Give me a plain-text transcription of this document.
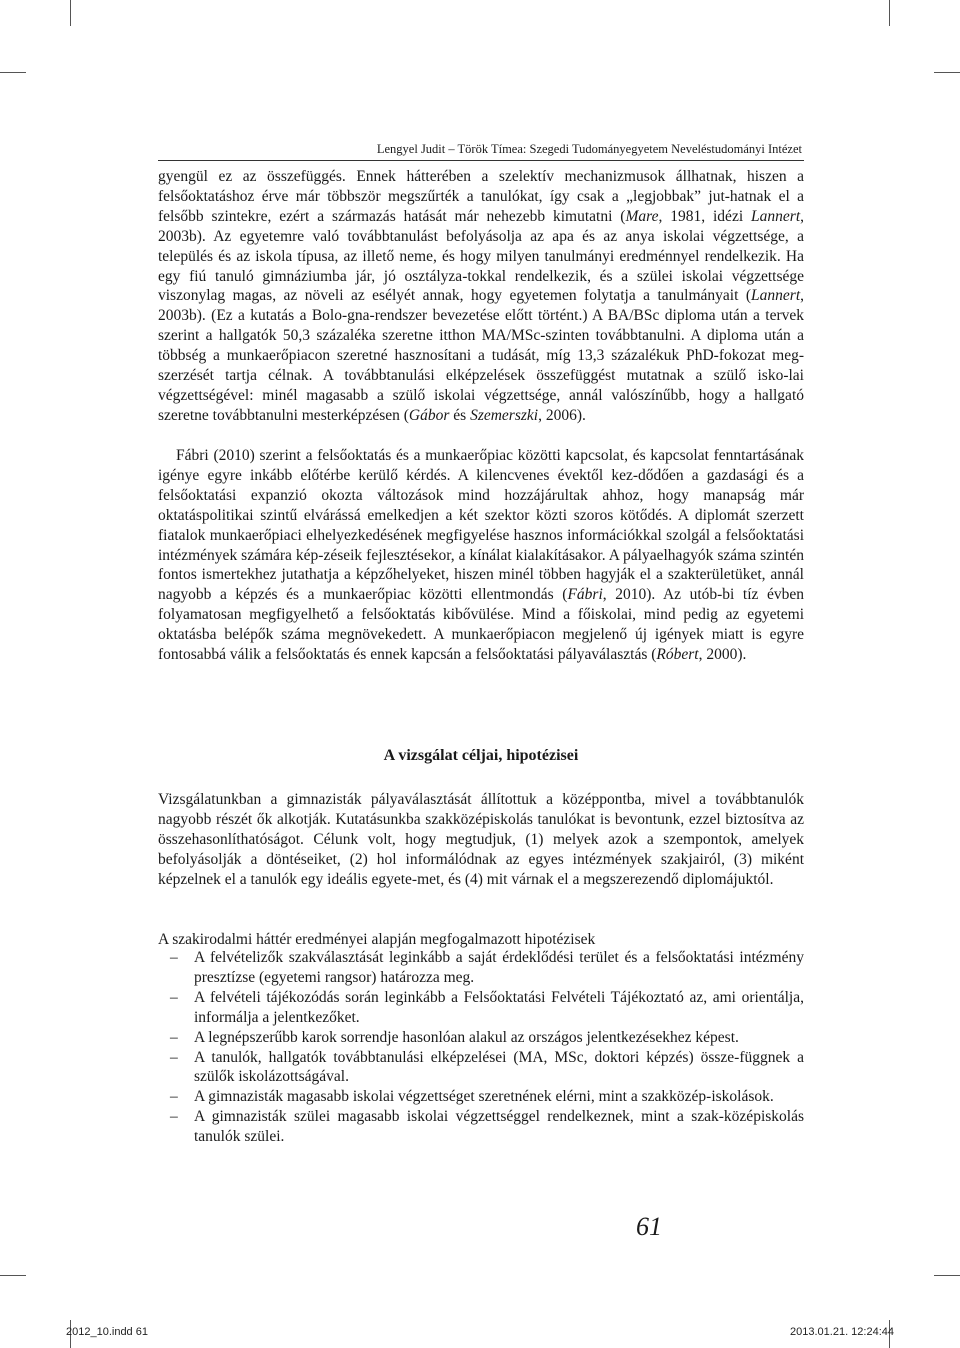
Lengyel Judit – Török Tímea: Szegedi Tudományegyetem Neveléstudományi Intézet

gyengül ez az összefüggés. Ennek hátterében a szelektív mechanizmusok állhatnak, hiszen a felsőoktatáshoz érve már többször megszűrték a tanulókat, így csak a „legjobbak” jut-hatnak el a felsőbb szintekre, ezért a származás hatását már nehezebb kimutatni (Mare, 1981, idézi Lannert, 2003b). Az egyetemre való továbbtanulást befolyásolja az apa és az anya iskolai végzettsége, a település és az iskola típusa, az illető neme, és hogy milyen tanulmányi eredménnyel rendelkezik. Ha egy fiú tanuló gimnáziumba jár, jó osztályza-tokkal rendelkezik, és a szülei iskolai végzettsége viszonylag magas, az növeli az esélyét annak, hogy egyetemen folytatja a tanulmányait (Lannert, 2003b). (Ez a kutatás a Bolo-gna-rendszer bevezetése előtt történt.) A BA/BSc diploma után a tervek szerint a hallgatók 50,3 százaléka szeretne itthon MA/MSc-szinten továbbtanulni. A diploma után a többség a munkaerőpiacon szeretné hasznosítani a tudását, míg 13,3 százalékuk PhD-fokozat meg-szerzését tartja célnak. A továbbtanulási elképzelések összefüggést mutatnak a szülő isko-lai végzettségével: minél magasabb a szülő iskolai végzettsége, annál valószínűbb, hogy a hallgató szeretne továbbtanulni mesterképzésen (Gábor és Szemerszki, 2006).

Fábri (2010) szerint a felsőoktatás és a munkaerőpiac közötti kapcsolat, és kapcsolat fenntartásának igénye egyre inkább előtérbe kerülő kérdés. A kilencvenes évektől kez-dődően a gazdasági és a felsőoktatási expanzió okozta változások mind hozzájárultak ahhoz, hogy manapság már oktatáspolitikai szintű elvárássá emelkedjen a két szektor közti szoros kötődés. A diplomát szerzett fiatalok munkaerőpiaci elhelyezkedésének megfigyelése hasznos információkkal szolgál a felsőoktatási intézmények számára kép-zéseik fejlesztésekor, a kínálat kialakításakor. A pályaelhagyók száma szintén fontos ismertekhez jutathatja a képzőhelyeket, hiszen minél többen hagyják el a szakterületüket, annál nagyobb a képzés és a munkaerőpiac közötti ellentmondás (Fábri, 2010). Az utób-bi tíz évben folyamatosan megfigyelhető a felsőoktatás kibővülése. Mind a főiskolai, mind pedig az egyetemi oktatásba belépők száma megnövekedett. A munkaerőpiacon megjelenő új igények miatt is egyre fontosabbá válik a felsőoktatás és ennek kapcsán a felsőoktatási pályaválasztás (Róbert, 2000).

A vizsgálat céljai, hipotézisei

Vizsgálatunkban a gimnazisták pályaválasztását állítottuk a középpontba, mivel a továbbtanulók nagyobb részét ők alkotják. Kutatásunkba szakközépiskolás tanulókat is bevontunk, ezzel biztosítva az összehasonlíthatóságot. Célunk volt, hogy megtudjuk, (1) melyek azok a szempontok, amelyek befolyásolják a döntéseiket, (2) hol informálódnak az egyes intézmények szakjairól, (3) miként képzelnek el a tanulók egy ideális egyete-met, és (4) mit várnak el a megszerezendő diplomájuktól.

A szakirodalmi háttér eredményei alapján megfogalmazott hipotézisek
– A felvételizők szakválasztását leginkább a saját érdeklődési terület és a felsőoktatási intézmény presztízse (egyetemi rangsor) határozza meg.
– A felvételi tájékozódás során leginkább a Felsőoktatási Felvételi Tájékoztató az, ami orientálja, informálja a jelentkezőket.
– A legnépszerűbb karok sorrendje hasonlóan alakul az országos jelentkezésekhez képest.
– A tanulók, hallgatók továbbtanulási elképzelései (MA, MSc, doktori képzés) össze-függnek a szülők iskolázottságával.
– A gimnazisták magasabb iskolai végzettséget szeretnének elérni, mint a szakközép-iskolások.
– A gimnazisták szülei magasabb iskolai végzettséggel rendelkeznek, mint a szak-középiskolás tanulók szülei.
61
2012_10.indd 61	2013.01.21. 12:24:44
